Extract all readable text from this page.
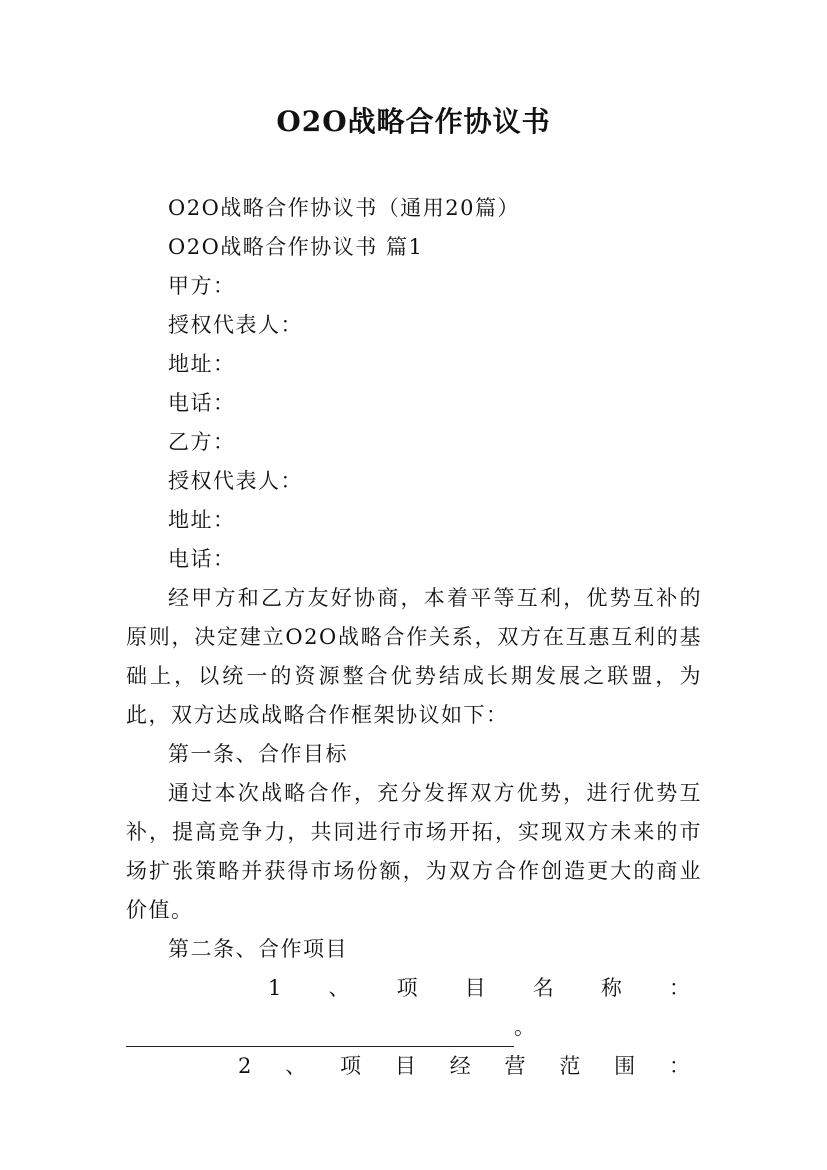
O2O战略合作协议书

O2O战略合作协议书（通用20篇）

O2O战略合作协议书 篇1

甲方：

授权代表人：

地址：

电话：

乙方：

授权代表人：

地址：

电话：

经甲方和乙方友好协商，本着平等互利，优势互补的原则，决定建立O2O战略合作关系，双方在互惠互利的基础上，以统一的资源整合优势结成长期发展之联盟，为此，双方达成战略合作框架协议如下：

第一条、合作目标

通过本次战略合作，充分发挥双方优势，进行优势互补，提高竞争力，共同进行市场开拓，实现双方未来的市场扩张策略并获得市场份额，为双方合作创造更大的商业价值。

第二条、合作项目

1 、 项 目 名 称 ：
。
2 、 项 目 经 营 范 围 ：
